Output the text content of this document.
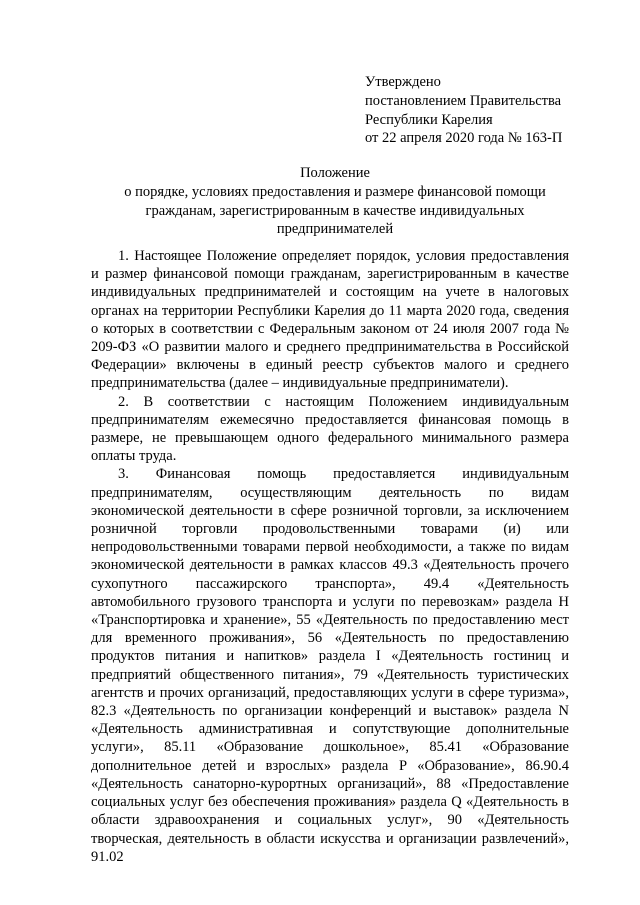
Утверждено
постановлением Правительства
Республики Карелия
от 22 апреля 2020 года № 163-П
Положение
о порядке, условиях предоставления и размере финансовой помощи
гражданам, зарегистрированным в качестве индивидуальных
предпринимателей

1. Настоящее Положение определяет порядок, условия предоставления и размер финансовой помощи гражданам, зарегистрированным в качестве индивидуальных предпринимателей и состоящим на учете в налоговых органах на территории Республики Карелия до 11 марта 2020 года, сведения о которых в соответствии с Федеральным законом от 24 июля 2007 года № 209-ФЗ «О развитии малого и среднего предпринимательства в Российской Федерации» включены в единый реестр субъектов малого и среднего предпринимательства (далее – индивидуальные предприниматели).

2. В соответствии с настоящим Положением индивидуальным предпринимателям ежемесячно предоставляется финансовая помощь в размере, не превышающем одного федерального минимального размера оплаты труда.

3. Финансовая помощь предоставляется индивидуальным предпринимателям, осуществляющим деятельность по видам экономической деятельности в сфере розничной торговли, за исключением розничной торговли продовольственными товарами (и) или непродовольственными товарами первой необходимости, а также по видам экономической деятельности в рамках классов 49.3 «Деятельность прочего сухопутного пассажирского транспорта», 49.4 «Деятельность автомобильного грузового транспорта и услуги по перевозкам» раздела H «Транспортировка и хранение», 55 «Деятельность по предоставлению мест для временного проживания», 56 «Деятельность по предоставлению продуктов питания и напитков» раздела I «Деятельность гостиниц и предприятий общественного питания», 79 «Деятельность туристических агентств и прочих организаций, предоставляющих услуги в сфере туризма», 82.3 «Деятельность по организации конференций и выставок» раздела N «Деятельность административная и сопутствующие дополнительные услуги», 85.11 «Образование дошкольное», 85.41 «Образование дополнительное детей и взрослых» раздела P «Образование», 86.90.4 «Деятельность санаторно-курортных организаций», 88 «Предоставление социальных услуг без обеспечения проживания» раздела Q «Деятельность в области здравоохранения и социальных услуг», 90 «Деятельность творческая, деятельность в области искусства и организации развлечений», 91.02
